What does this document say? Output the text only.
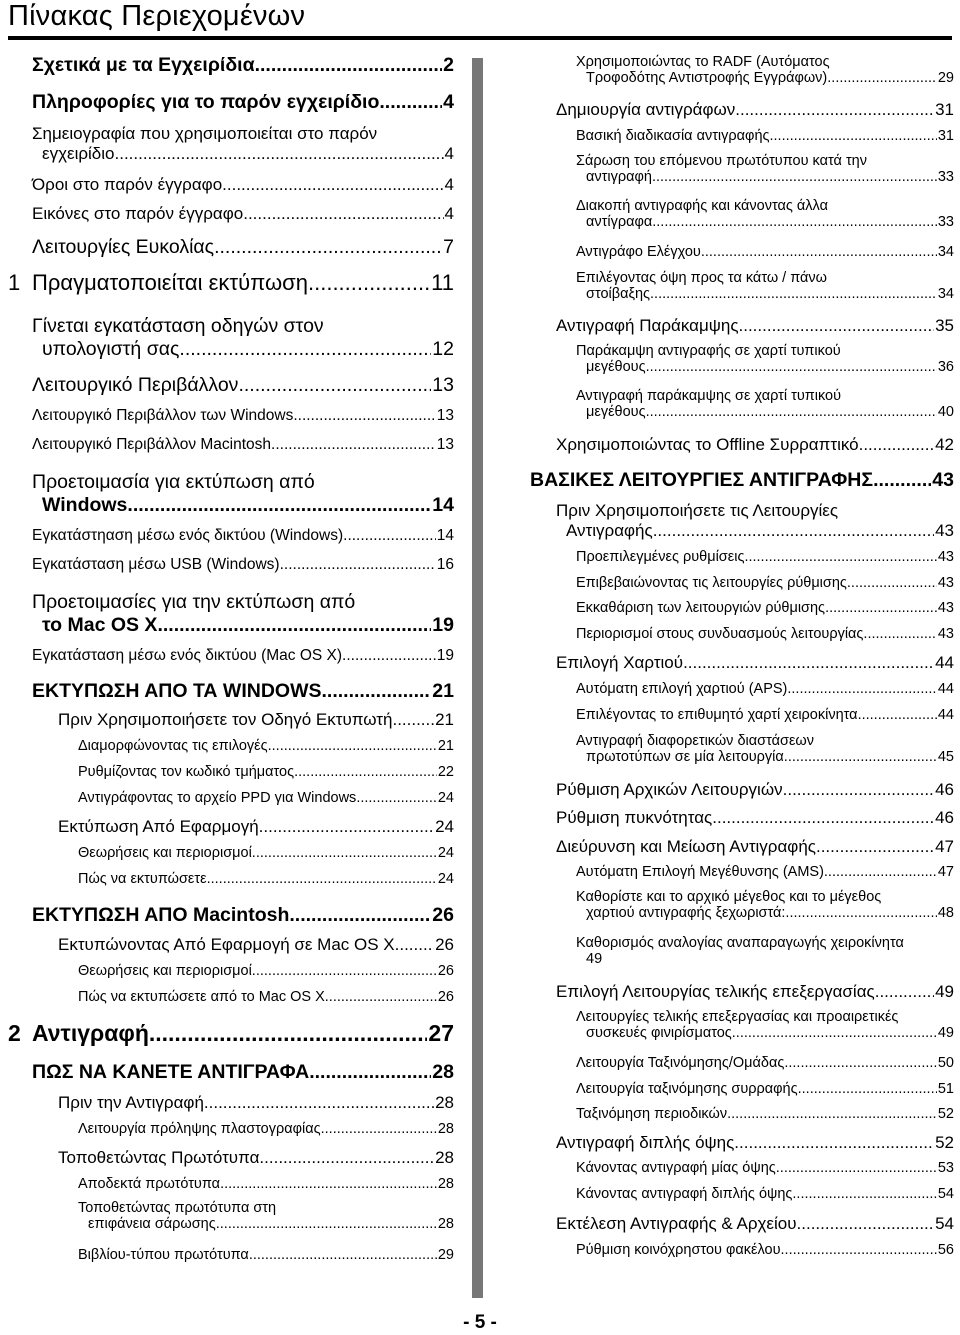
Πίνακας Περιεχομένων
Σχετικά με τα Εγχειρίδια .....	2
Πληροφορίες για το παρόν εγχειρίδιο .....	4
Σημειογραφία που χρησιμοποιείται στο παρόν
εγχειρίδιο .....	4
Όροι στο παρόν έγγραφο .....	4
Εικόνες στο παρόν έγγραφο .....	4
Λειτουργίες Ευκολίας .....	7
1 Πραγματοποιείται εκτύπωση .....	11
Γίνεται εγκατάσταση οδηγών στον
υπολογιστή σας .....	12
Λειτουργικό Περιβάλλον .....	13
Λειτουργικό Περιβάλλον των Windows .....	13
Λειτουργικό Περιβάλλον Macintosh .....	13
Προετοιμασία για εκτύπωση από
Windows .....	14
Εγκατάστηαση μέσω ενός δικτύου (Windows) .....	14
Εγκατάσταση μέσω USB (Windows) .....	16
Προετοιμασίες για την εκτύπωση από
το Mac OS X .....	19
Εγκατάσταση μέσω ενός δικτύου (Mac OS X) .....	19
ΕΚΤΥΠΩΣΗ ΑΠΟ ΤΑ WINDOWS .....	21
Πριν Χρησιμοποιήσετε τον Οδηγό Εκτυπωτή .....	21
Διαμορφώνοντας τις επιλογές .....	21
Ρυθμίζοντας τον κωδικό τμήματος .....	22
Αντιγράφοντας το αρχείο PPD για Windows .....	24
Εκτύπωση Από Εφαρμογή .....	24
Θεωρήσεις και περιορισμοί .....	24
Πώς να εκτυπώσετε .....	24
ΕΚΤΥΠΩΣΗ ΑΠΟ Macintosh .....	26
Εκτυπώνοντας Από Εφαρμογή σε Mac OS X ..... 26
Θεωρήσεις και περιορισμοί .....	26
Πώς να εκτυπώσετε από το Mac OS X .....	26
2 Αντιγραφή .....	27
ΠΩΣ ΝΑ ΚΑΝΕΤΕ ΑΝΤΙΓΡΑΦΑ .....	28
Πριν την Αντιγραφή .....	28
Λειτουργία πρόληψης πλαστογραφίας .....	28
Τοποθετώντας Πρωτότυπα .....	28
Αποδεκτά πρωτότυπα .....	28
Τοποθετώντας πρωτότυπα στη
επιφάνεια σάρωσης .....	28
Βιβλίου-τύπου πρωτότυπα .....	29
Χρησιμοποιώντας το RADF (Αυτόματος
Τροφοδότης Αντιστροφής Εγγράφων) .....	29
Δημιουργία αντιγράφων .....	31
Βασική διαδικασία αντιγραφής .....	31
Σάρωση του επόμενου πρωτότυπου κατά την
αντιγραφή .....	33
Διακοπή αντιγραφής και κάνοντας άλλα
αντίγραφα .....	33
Αντιγράφο Ελέγχου .....	34
Επιλέγοντας όψη προς τα κάτω / πάνω
στοίβαξης .....	34
Αντιγραφή Παράκαμψης .....	35
Παράκαμψη αντιγραφής σε χαρτί τυπικού
μεγέθους .....	36
Αντιγραφή παράκαμψης σε χαρτί τυπικού
μεγέθους .....	40
Χρησιμοποιώντας το Offline Συρραπτικό .....	42
ΒΑΣΙΚΕΣ ΛΕΙΤΟΥΡΓΙΕΣ ΑΝΤΙΓΡΑΦΗΣ .....	43
Πριν Χρησιμοποιήσετε τις Λειτουργίες
Αντιγραφής .....	43
Προεπιλεγμένες ρυθμίσεις .....	43
Επιβεβαιώνοντας τις λειτουργίες ρύθμισης .....	43
Εκκαθάριση των λειτουργιών ρύθμισης .....	43
Περιορισμοί στους συνδυασμούς λειτουργίας .....	43
Επιλογή Χαρτιού .....	44
Αυτόματη επιλογή χαρτιού (APS) .....	44
Επιλέγοντας το επιθυμητό χαρτί χειροκίνητα .....	44
Αντιγραφή διαφορετικών διαστάσεων
πρωτοτύπων σε μία λειτουργία .....	45
Ρύθμιση Αρχικών Λειτουργιών .....	46
Ρύθμιση πυκνότητας .....	46
Διεύρυνση και Μείωση Αντιγραφής .....	47
Αυτόματη Επιλογή Μεγέθυνσης (AMS) .....	47
Καθορίστε και το αρχικό μέγεθος και το μέγεθος
χαρτιού αντιγραφής ξεχωριστά: .....	48
Καθορισμός αναλογίας αναπαραγωγής χειροκίνητα
49
Επιλογή Λειτουργίας τελικής επεξεργασίας .....	49
Λειτουργίες τελικής επεξεργασίας και προαιρετικές
συσκευές φινιρίσματος .....	49
Λειτουργία Ταξινόμησης/Ομάδας .....	50
Λειτουργία ταξινόμησης συρραφής .....	51
Ταξινόμηση περιοδικών .....	52
Αντιγραφή διπλής όψης .....	52
Κάνοντας αντιγραφή μίας όψης .....	53
Κάνοντας αντιγραφή διπλής όψης .....	54
Εκτέλεση Αντιγραφής & Αρχείου .....	54
Ρύθμιση κοινόχρηστου φακέλου .....	56
- 5 -
